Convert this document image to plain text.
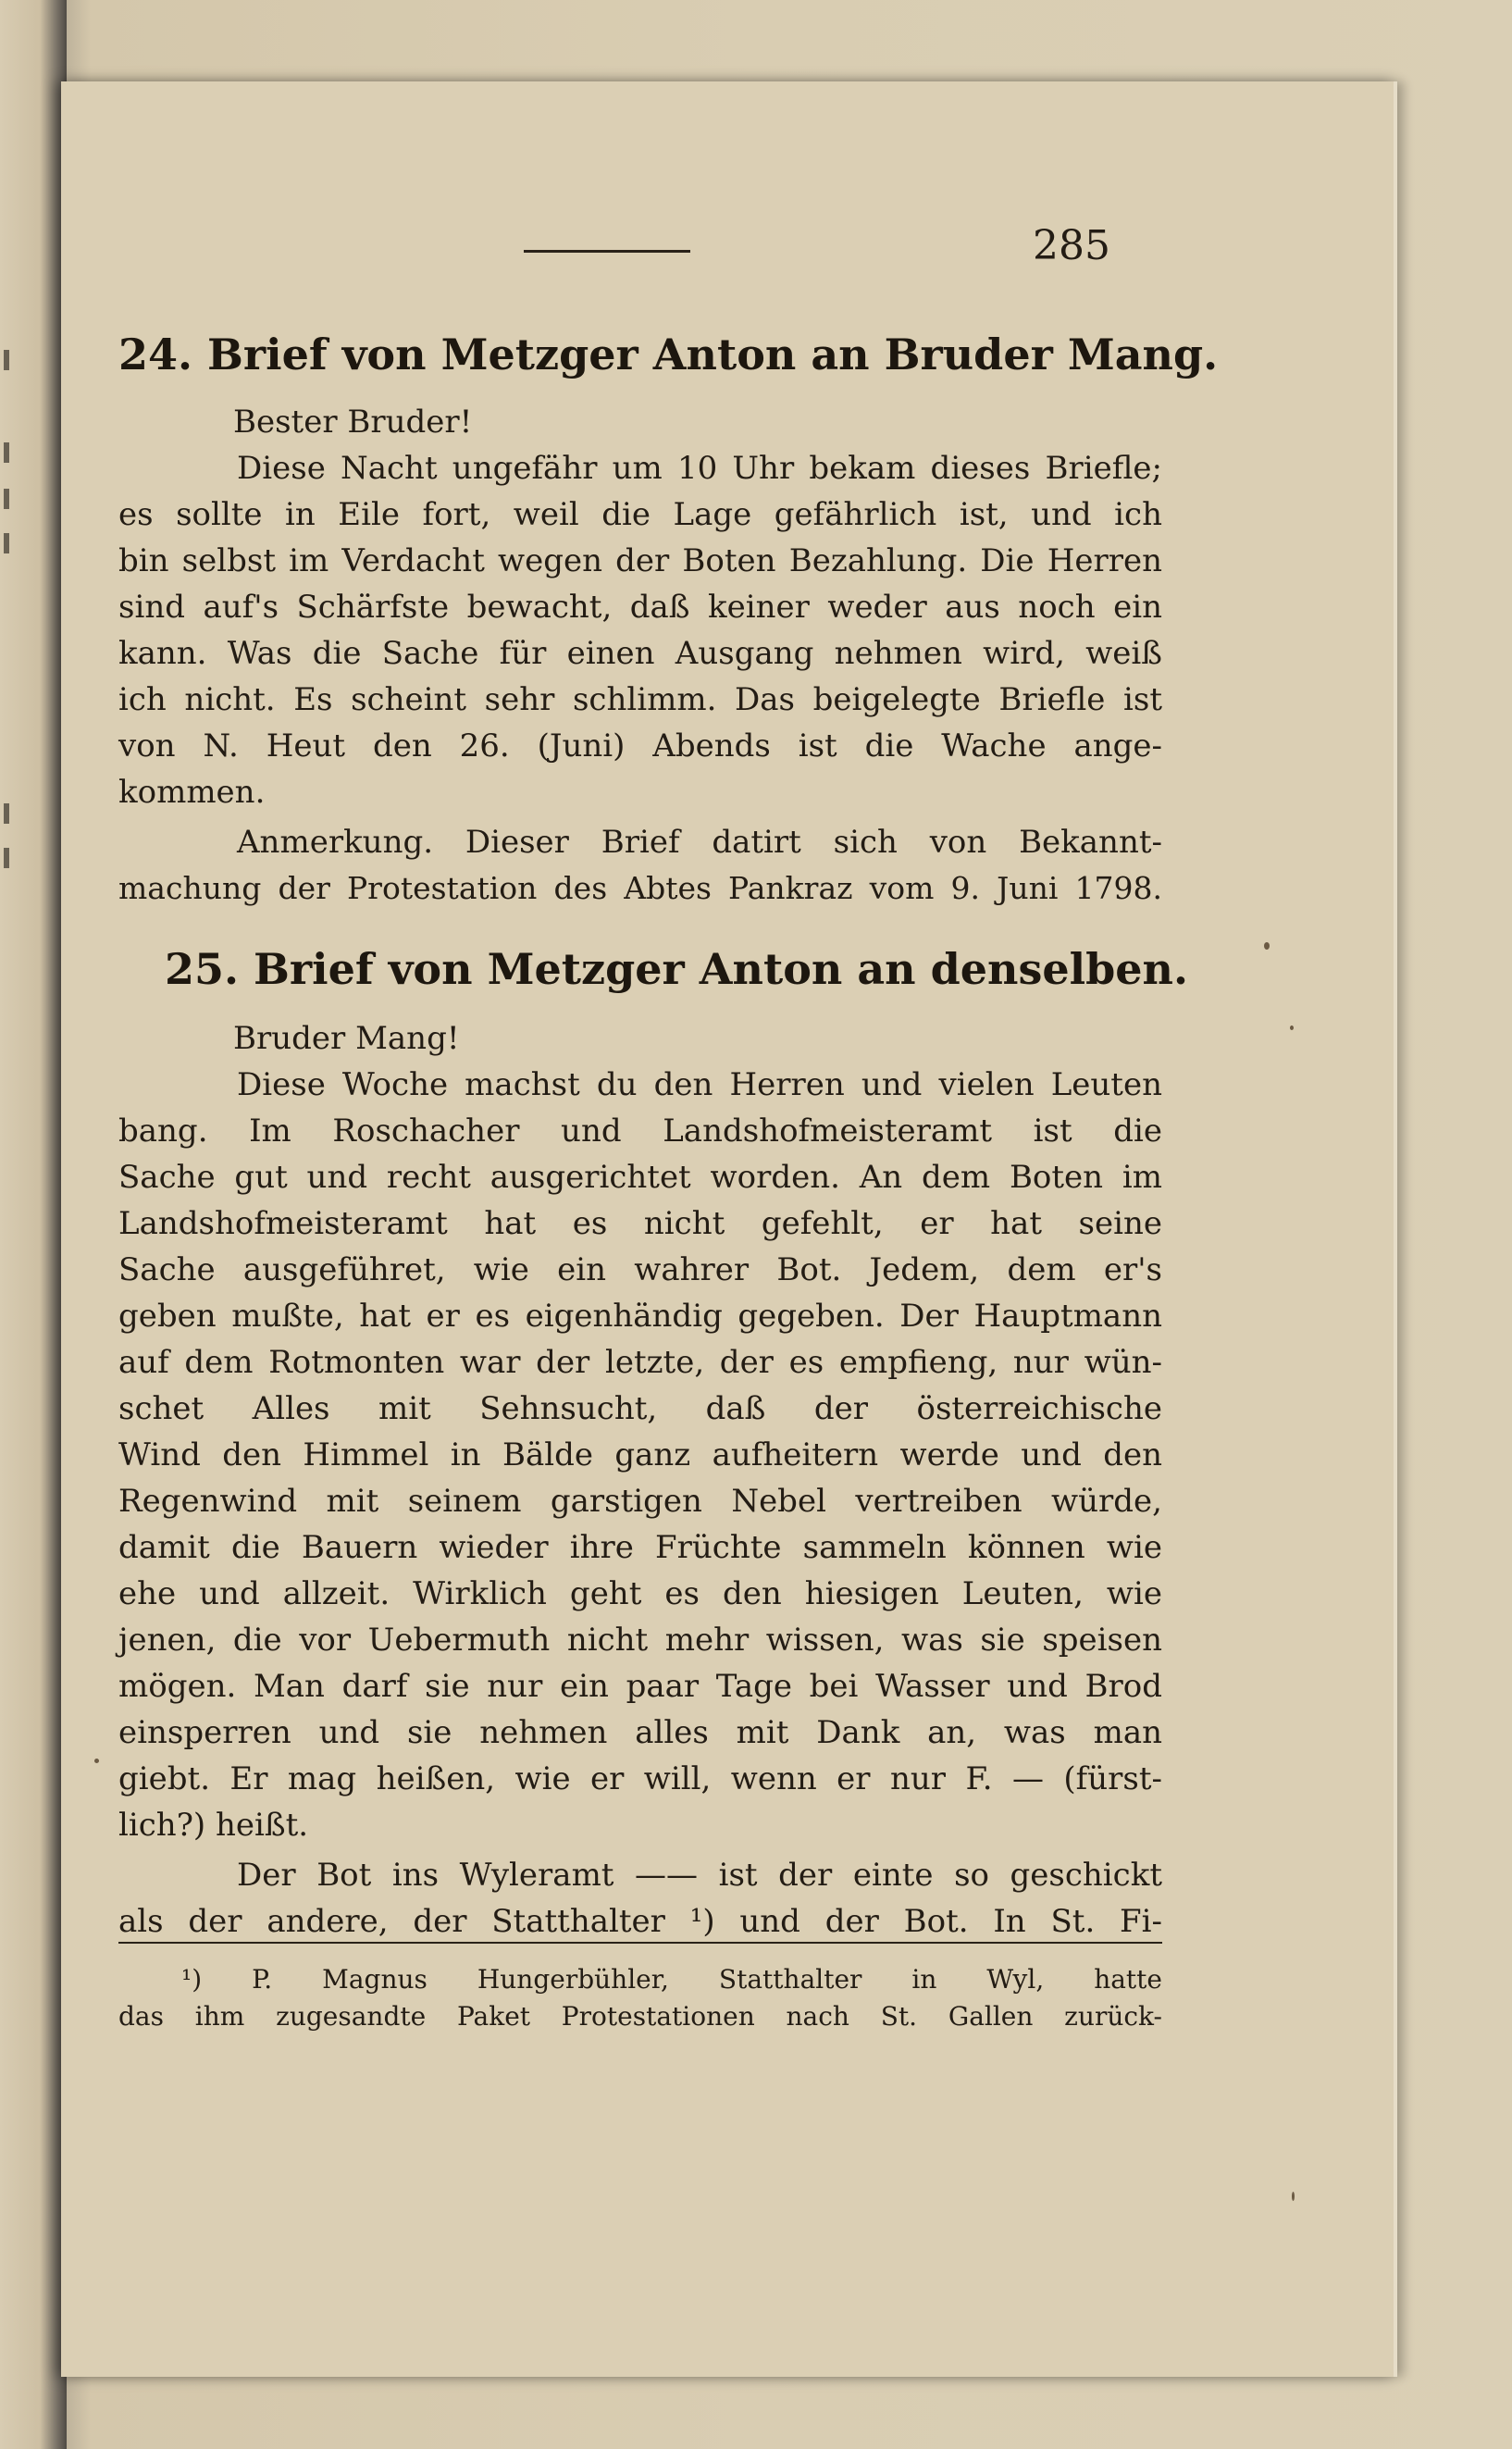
285
24. Brief von Metzger Anton an Bruder Mang.
Bester Bruder!
Diese Nacht ungefähr um 10 Uhr bekam dieses Briefle;
es sollte in Eile fort, weil die Lage gefährlich ist, und ich
bin selbst im Verdacht wegen der Boten Bezahlung. Die Herren
sind auf's Schärfste bewacht, daß keiner weder aus noch ein
kann. Was die Sache für einen Ausgang nehmen wird, weiß
ich nicht. Es scheint sehr schlimm. Das beigelegte Briefle ist
von N. Heut den 26. (Juni) Abends ist die Wache ange-
kommen.
Anmerkung. Dieser Brief datirt sich von Bekannt-
machung der Protestation des Abtes Pankraz vom 9. Juni 1798.
25. Brief von Metzger Anton an denselben.
Bruder Mang!
Diese Woche machst du den Herren und vielen Leuten
bang. Im Roschacher und Landshofmeisteramt ist die
Sache gut und recht ausgerichtet worden. An dem Boten im
Landshofmeisteramt hat es nicht gefehlt, er hat seine
Sache ausgeführet, wie ein wahrer Bot. Jedem, dem er's
geben mußte, hat er es eigenhändig gegeben. Der Hauptmann
auf dem Rotmonten war der letzte, der es empfieng, nur wün-
schet Alles mit Sehnsucht, daß der österreichische
Wind den Himmel in Bälde ganz aufheitern werde und den
Regenwind mit seinem garstigen Nebel vertreiben würde,
damit die Bauern wieder ihre Früchte sammeln können wie
ehe und allzeit. Wirklich geht es den hiesigen Leuten, wie
jenen, die vor Uebermuth nicht mehr wissen, was sie speisen
mögen. Man darf sie nur ein paar Tage bei Wasser und Brod
einsperren und sie nehmen alles mit Dank an, was man
giebt. Er mag heißen, wie er will, wenn er nur F. — (fürst-
lich?) heißt.
Der Bot ins Wyleramt —— ist der einte so geschickt
als der andere, der Statthalter ¹) und der Bot. In St. Fi-
¹) P. Magnus Hungerbühler, Statthalter in Wyl, hatte
das ihm zugesandte Paket Protestationen nach St. Gallen zurück-
